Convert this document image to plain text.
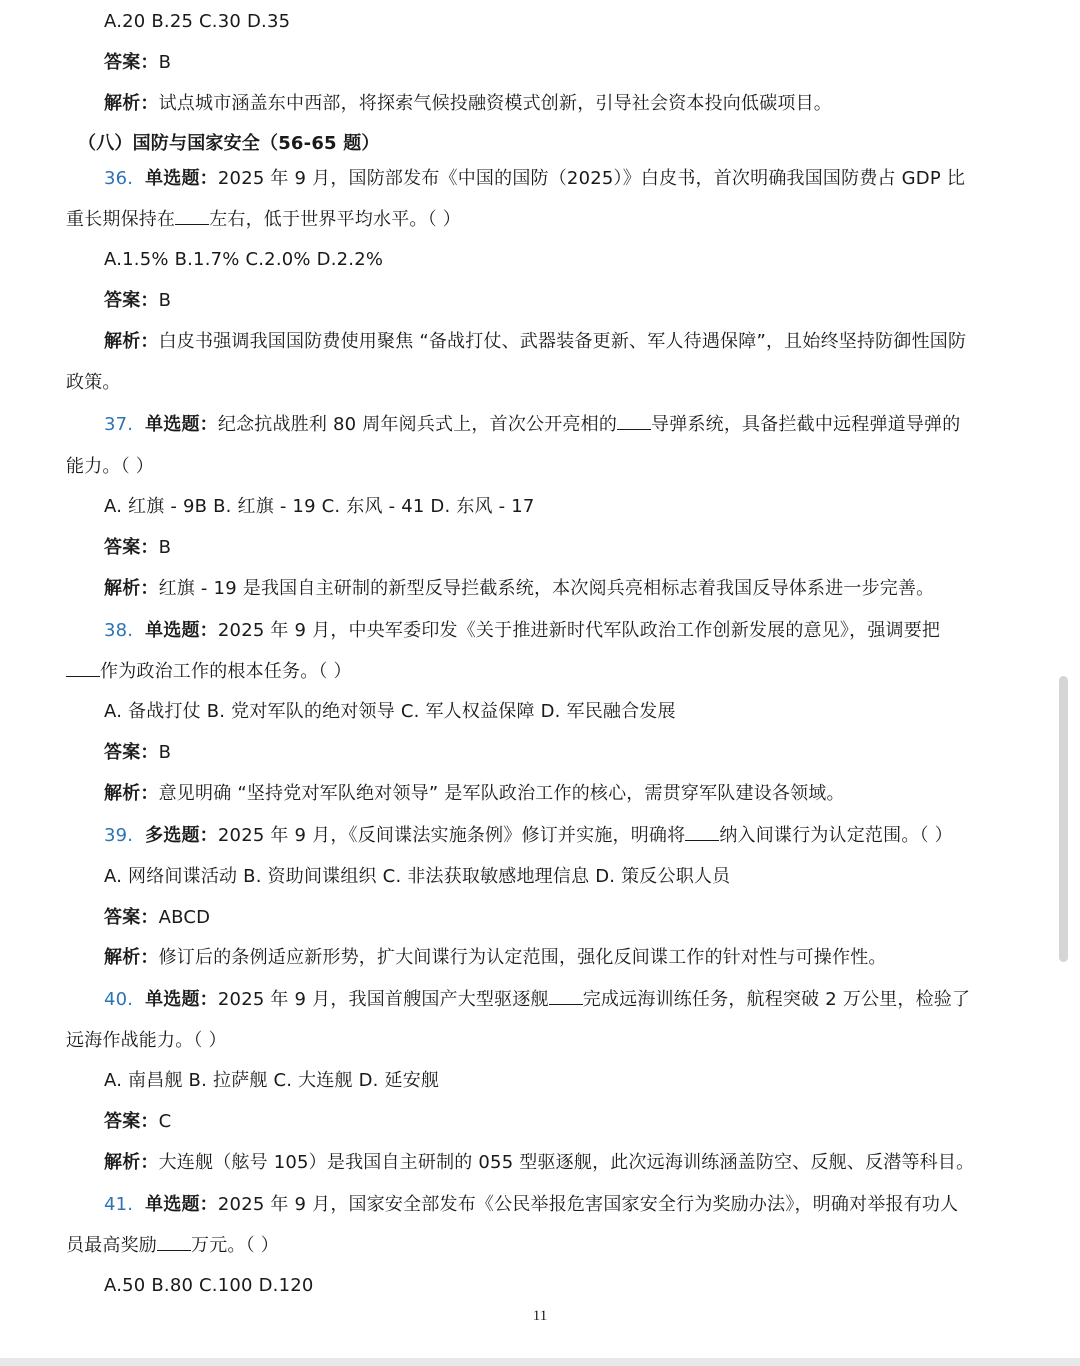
A.20 B.25 C.30 D.35
答案：B
解析：试点城市涵盖东中西部，将探索气候投融资模式创新，引导社会资本投向低碳项目。
（八）国防与国家安全（56-65 题）
36. 单选题：2025 年 9 月，国防部发布《中国的国防（2025）》白皮书，首次明确我国国防费占 GDP 比
重长期保持在 左右，低于世界平均水平。（ ）
A.1.5% B.1.7% C.2.0% D.2.2%
答案：B
解析：白皮书强调我国国防费使用聚焦 “备战打仗、武器装备更新、军人待遇保障”，且始终坚持防御性国防
政策。
37. 单选题：纪念抗战胜利 80 周年阅兵式上，首次公开亮相的 导弹系统，具备拦截中远程弹道导弹的
能力。（ ）
A. 红旗 - 9B B. 红旗 - 19 C. 东风 - 41 D. 东风 - 17
答案：B
解析：红旗 - 19 是我国自主研制的新型反导拦截系统，本次阅兵亮相标志着我国反导体系进一步完善。
38. 单选题：2025 年 9 月，中央军委印发《关于推进新时代军队政治工作创新发展的意见》，强调要把
作为政治工作的根本任务。（ ）
A. 备战打仗 B. 党对军队的绝对领导 C. 军人权益保障 D. 军民融合发展
答案：B
解析：意见明确 “坚持党对军队绝对领导” 是军队政治工作的核心，需贯穿军队建设各领域。
39. 多选题：2025 年 9 月，《反间谍法实施条例》修订并实施，明确将 纳入间谍行为认定范围。（ ）
A. 网络间谍活动 B. 资助间谍组织 C. 非法获取敏感地理信息 D. 策反公职人员
答案：ABCD
解析：修订后的条例适应新形势，扩大间谍行为认定范围，强化反间谍工作的针对性与可操作性。
40. 单选题：2025 年 9 月，我国首艘国产大型驱逐舰 完成远海训练任务，航程突破 2 万公里，检验了
远海作战能力。（ ）
A. 南昌舰 B. 拉萨舰 C. 大连舰 D. 延安舰
答案：C
解析：大连舰（舷号 105）是我国自主研制的 055 型驱逐舰，此次远海训练涵盖防空、反舰、反潜等科目。
41. 单选题：2025 年 9 月，国家安全部发布《公民举报危害国家安全行为奖励办法》，明确对举报有功人
员最高奖励 万元。（ ）
A.50 B.80 C.100 D.120
11
